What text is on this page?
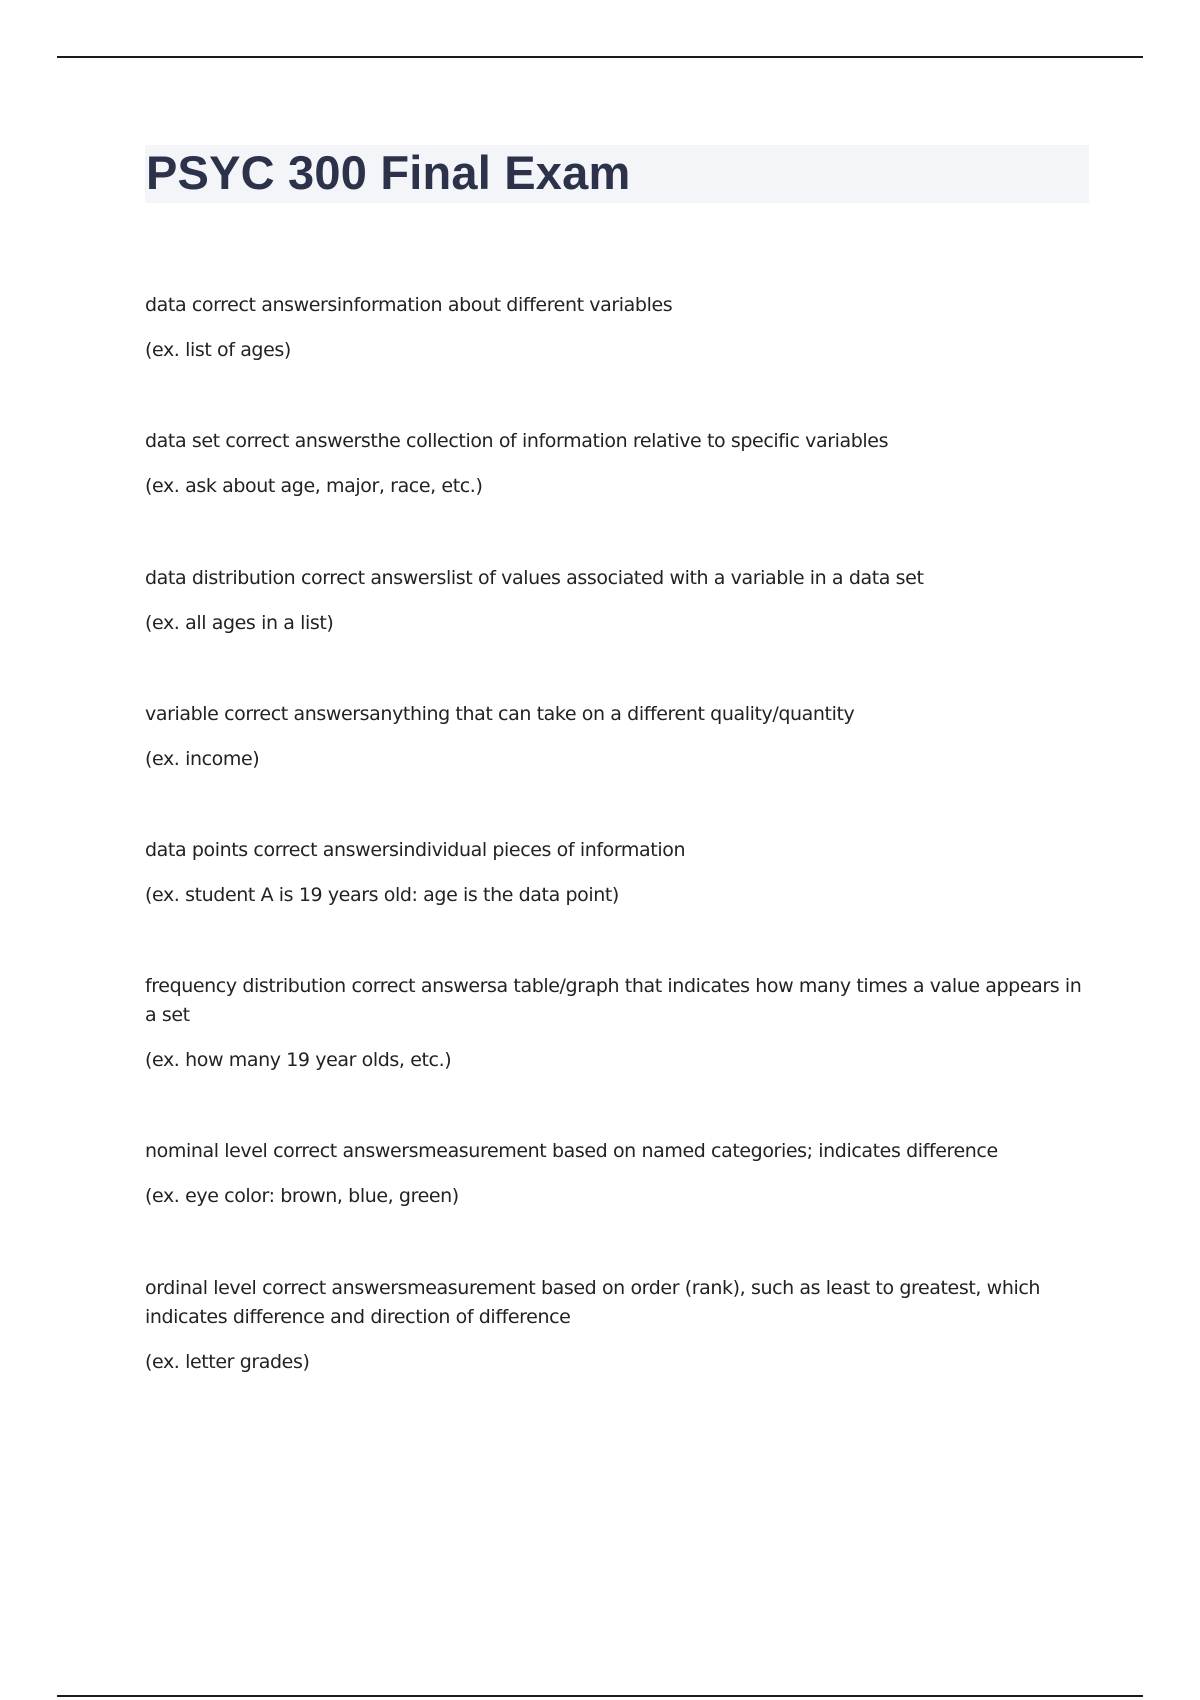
PSYC 300 Final Exam

data correct answersinformation about different variables

(ex. list of ages)

data set correct answersthe collection of information relative to specific variables

(ex. ask about age, major, race, etc.)

data distribution correct answerslist of values associated with a variable in a data set

(ex. all ages in a list)

variable correct answersanything that can take on a different quality/quantity

(ex. income)

data points correct answersindividual pieces of information

(ex. student A is 19 years old: age is the data point)

frequency distribution correct answersa table/graph that indicates how many times a value appears in a set

(ex. how many 19 year olds, etc.)

nominal level correct answersmeasurement based on named categories; indicates difference

(ex. eye color: brown, blue, green)

ordinal level correct answersmeasurement based on order (rank), such as least to greatest, which indicates difference and direction of difference

(ex. letter grades)
